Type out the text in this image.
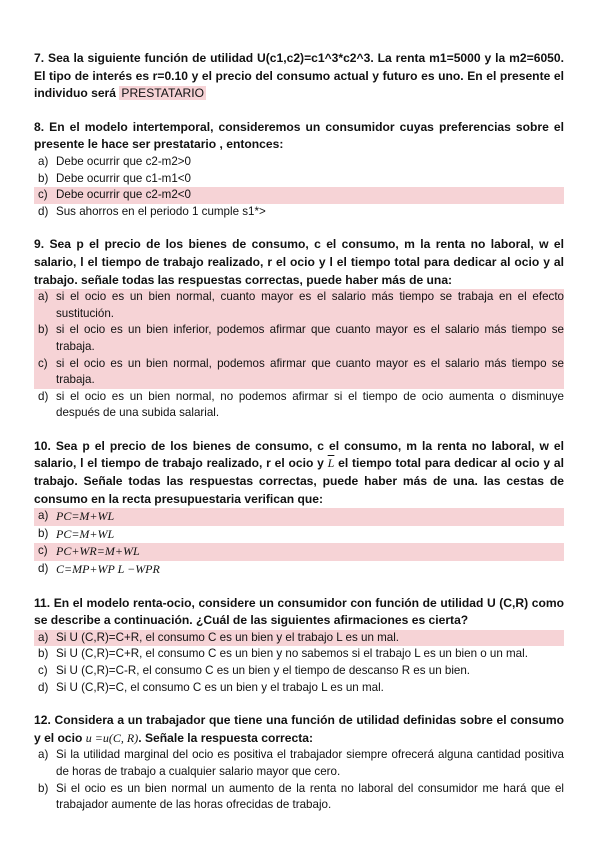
7. Sea la siguiente función de utilidad U(c1,c2)=c1^3*c2^3. La renta m1=5000 y la m2=6050. El tipo de interés es r=0.10 y el precio del consumo actual y futuro es uno. En el presente el individuo será PRESTATARIO

8. En el modelo intertemporal, consideremos un consumidor cuyas preferencias sobre el presente le hace ser prestatario , entonces:

a) Debe ocurrir que c2-m2>0
b) Debe ocurrir que c1-m1<0
c) Debe ocurrir que c2-m2<0
d) Sus ahorros en el periodo 1 cumple s1*>

9. Sea p el precio de los bienes de consumo, c el consumo, m la renta no laboral, w el salario, l el tiempo de trabajo realizado, r el ocio y l el tiempo total para dedicar al ocio y al trabajo. señale todas las respuestas correctas, puede haber más de una:

a) si el ocio es un bien normal, cuanto mayor es el salario más tiempo se trabaja en el efecto sustitución.
b) si el ocio es un bien inferior, podemos afirmar que cuanto mayor es el salario más tiempo se trabaja.
c) si el ocio es un bien normal, podemos afirmar que cuanto mayor es el salario más tiempo se trabaja.
d) si el ocio es un bien normal, no podemos afirmar si el tiempo de ocio aumenta o disminuye después de una subida salarial.

10. Sea p el precio de los bienes de consumo, c el consumo, m la renta no laboral, w el salario, l el tiempo de trabajo realizado, r el ocio y $\overline{L}$ el tiempo total para dedicar al ocio y al trabajo. Señale todas las respuestas correctas, puede haber más de una. las cestas de consumo en la recta presupuestaria verifican que:

a) PC=M+WL
b) PC=M+WL
c) PC+WR=M+WL
d) C=MP+WP L −WPR

11. En el modelo renta-ocio, considere un consumidor con función de utilidad U (C,R) como se describe a continuación. ¿Cuál de las siguientes afirmaciones es cierta?

a) Si U (C,R)=C+R, el consumo C es un bien y el trabajo L es un mal.
b) Si U (C,R)=C+R, el consumo C es un bien y no sabemos si el trabajo L es un bien o un mal.
c) Si U (C,R)=C-R, el consumo C es un bien y el tiempo de descanso R es un bien.
d) Si U (C,R)=C, el consumo C es un bien y el trabajo L es un mal.

12. Considera a un trabajador que tiene una función de utilidad definidas sobre el consumo y el ocio u =u(C, R). Señale la respuesta correcta:

a) Si la utilidad marginal del ocio es positiva el trabajador siempre ofrecerá alguna cantidad positiva de horas de trabajo a cualquier salario mayor que cero.
b) Si el ocio es un bien normal un aumento de la renta no laboral del consumidor me hará que el trabajador aumente de las horas ofrecidas de trabajo.
